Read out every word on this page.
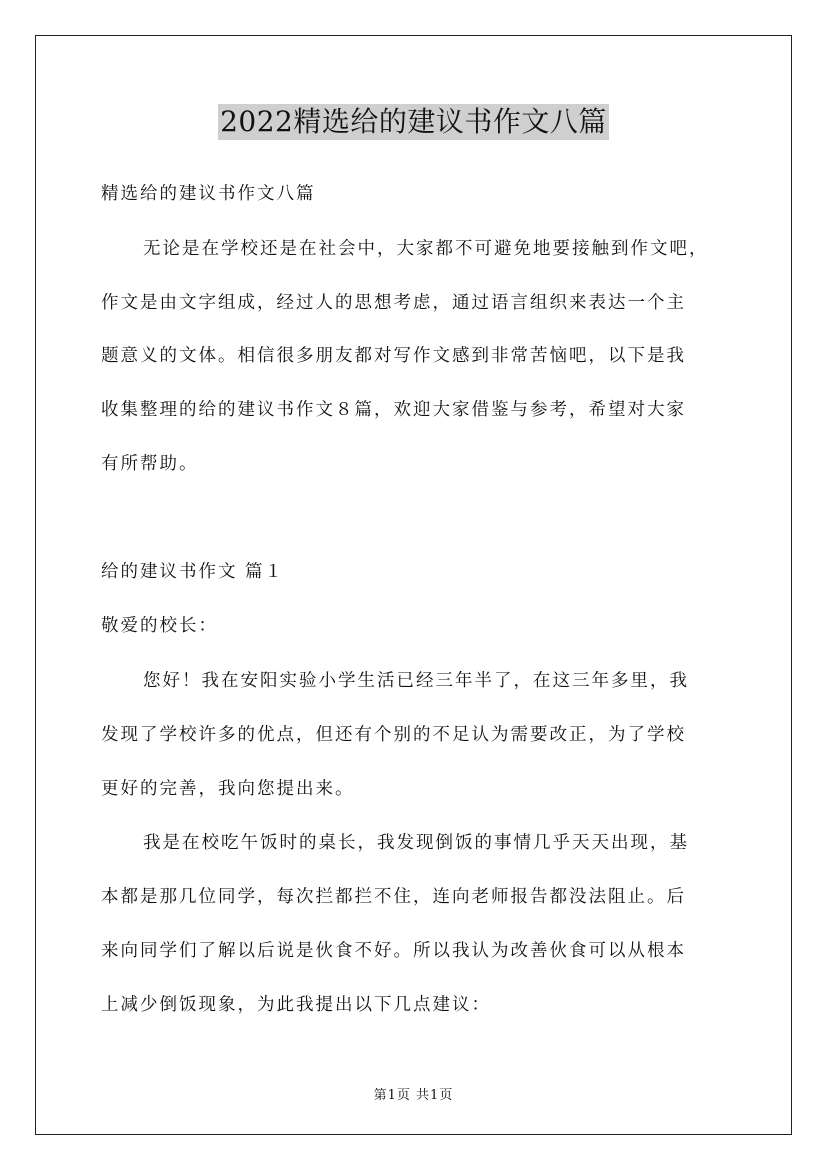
2022精选给的建议书作文八篇
精选给的建议书作文八篇
无论是在学校还是在社会中，大家都不可避免地要接触到作文吧，
作文是由文字组成，经过人的思想考虑，通过语言组织来表达一个主
题意义的文体。相信很多朋友都对写作文感到非常苦恼吧，以下是我
收集整理的给的建议书作文８篇，欢迎大家借鉴与参考，希望对大家
有所帮助。
给的建议书作文 篇１
敬爱的校长：
您好！我在安阳实验小学生活已经三年半了，在这三年多里，我
发现了学校许多的优点，但还有个别的不足认为需要改正，为了学校
更好的完善，我向您提出来。
我是在校吃午饭时的桌长，我发现倒饭的事情几乎天天出现，基
本都是那几位同学，每次拦都拦不住，连向老师报告都没法阻止。后
来向同学们了解以后说是伙食不好。所以我认为改善伙食可以从根本
上减少倒饭现象，为此我提出以下几点建议：
第1页 共1页
